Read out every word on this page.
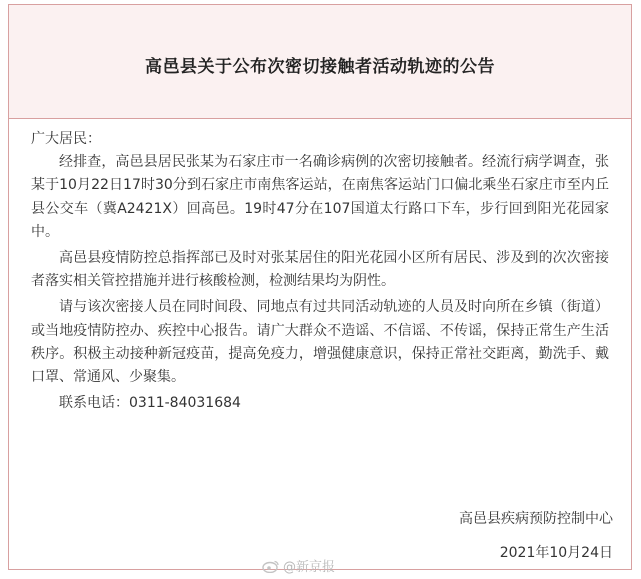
高邑县关于公布次密切接触者活动轨迹的公告

广大居民：

经排查，高邑县居民张某为石家庄市一名确诊病例的次密切接触者。经流行病学调查，张某于10月22日17时30分到石家庄市南焦客运站，在南焦客运站门口偏北乘坐石家庄市至内丘县公交车（冀A2421X）回高邑。19时47分在107国道太行路口下车，步行回到阳光花园家中。

高邑县疫情防控总指挥部已及时对张某居住的阳光花园小区所有居民、涉及到的次次密接者落实相关管控措施并进行核酸检测，检测结果均为阴性。

请与该次密接人员在同时间段、同地点有过共同活动轨迹的人员及时向所在乡镇（街道）或当地疫情防控办、疾控中心报告。请广大群众不造谣、不信谣、不传谣，保持正常生产生活秩序。积极主动接种新冠疫苗，提高免疫力，增强健康意识，保持正常社交距离，勤洗手、戴口罩、常通风、少聚集。

联系电话：0311-84031684

高邑县疾病预防控制中心
2021年10月24日
@新京报
